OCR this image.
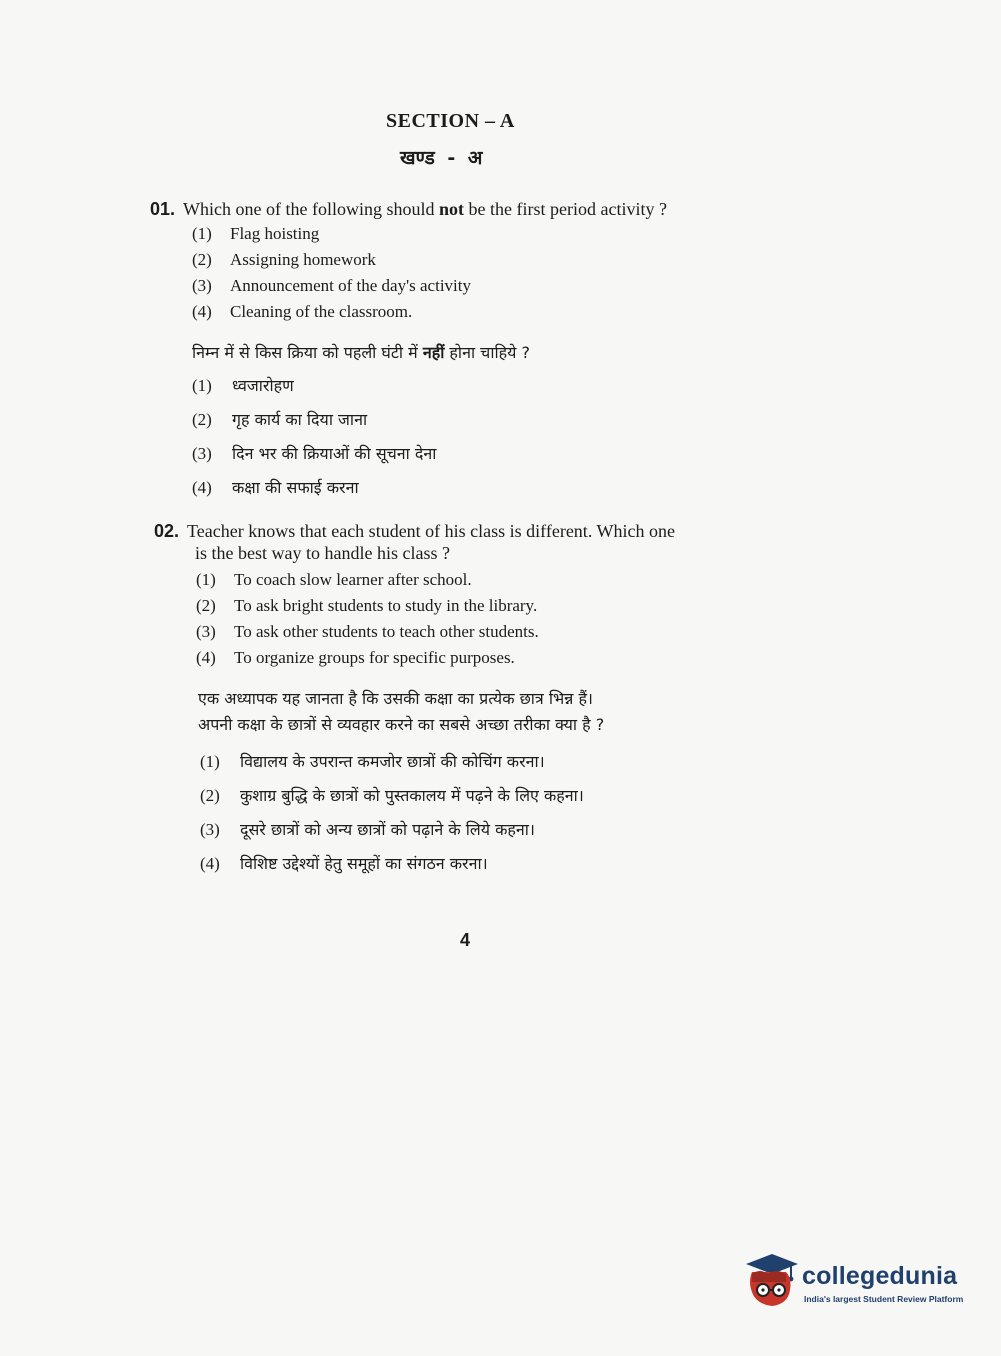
SECTION – A
खण्ड - अ
01. Which one of the following should not be the first period activity ?
(1)	Flag hoisting
(2)	Assigning homework
(3)	Announcement of the day's activity
(4)	Cleaning of the classroom.
निम्न में से किस क्रिया को पहली घंटी में नहीं होना चाहिये ?
(1)	ध्वजारोहण
(2)	गृह कार्य का दिया जाना
(3)	दिन भर की क्रियाओं की सूचना देना
(4)	कक्षा की सफाई करना
02. Teacher knows that each student of his class is different. Which one
is the best way to handle his class ?
(1)	To coach slow learner after school.
(2)	To ask bright students to study in the library.
(3)	To ask other students to teach other students.
(4)	To organize groups for specific purposes.
एक अध्यापक यह जानता है कि उसकी कक्षा का प्रत्येक छात्र भिन्न हैं।
अपनी कक्षा के छात्रों से व्यवहार करने का सबसे अच्छा तरीका क्या है ?
(1)	विद्यालय के उपरान्त कमजोर छात्रों की कोचिंग करना।
(2)	कुशाग्र बुद्धि के छात्रों को पुस्तकालय में पढ़ने के लिए कहना।
(3)	दूसरे छात्रों को अन्य छात्रों को पढ़ाने के लिये कहना।
(4)	विशिष्ट उद्देश्यों हेतु समूहों का संगठन करना।
4
collegedunia
India's largest Student Review Platform
